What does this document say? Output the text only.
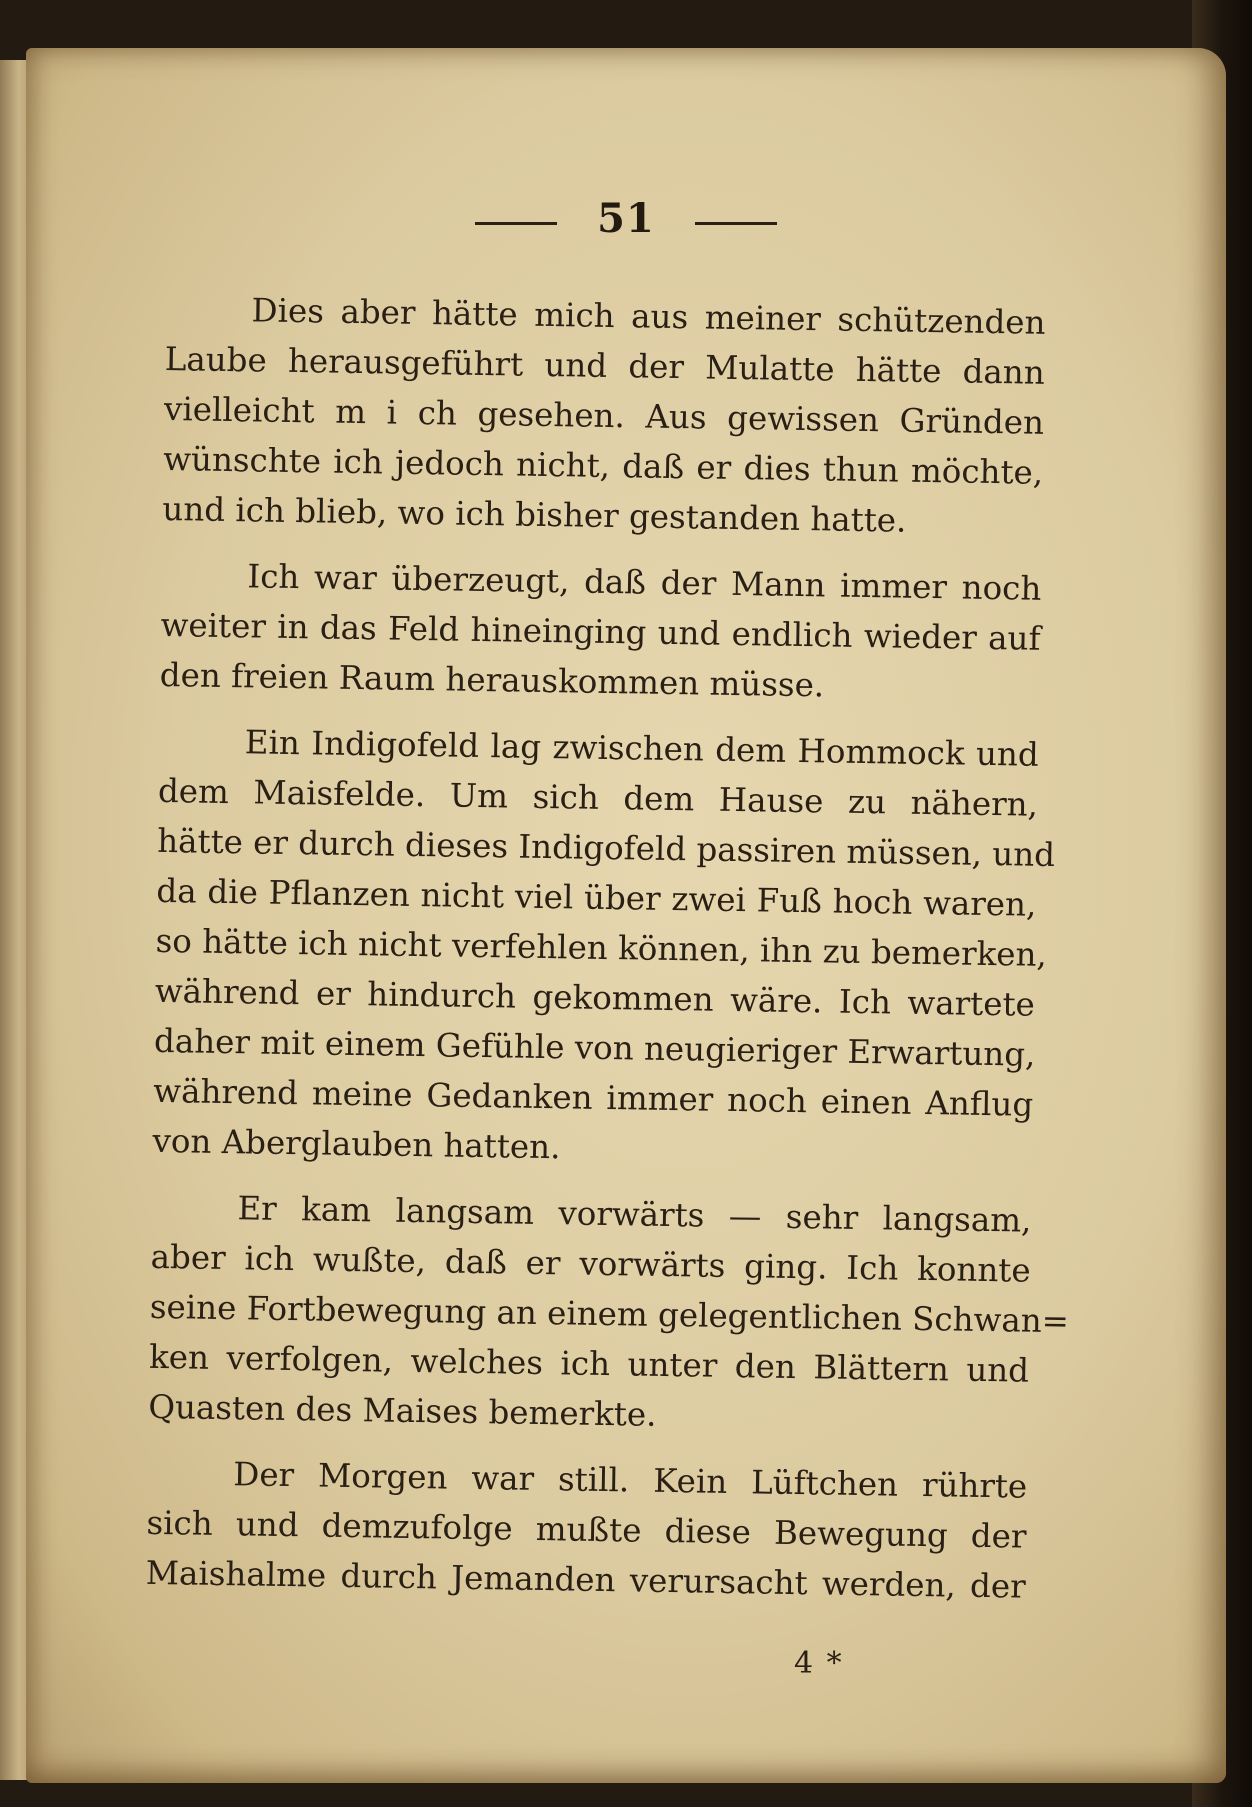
51

Dies aber hätte mich aus meiner schützenden
Laube herausgeführt und der Mulatte hätte dann
vielleicht m i ch gesehen. Aus gewissen Gründen
wünschte ich jedoch nicht, daß er dies thun möchte,
und ich blieb, wo ich bisher gestanden hatte.

Ich war überzeugt, daß der Mann immer noch
weiter in das Feld hineinging und endlich wieder auf
den freien Raum herauskommen müsse.

Ein Indigofeld lag zwischen dem Hommock und
dem Maisfelde. Um sich dem Hause zu nähern,
hätte er durch dieses Indigofeld passiren müssen, und
da die Pflanzen nicht viel über zwei Fuß hoch waren,
so hätte ich nicht verfehlen können, ihn zu bemerken,
während er hindurch gekommen wäre. Ich wartete
daher mit einem Gefühle von neugieriger Erwartung,
während meine Gedanken immer noch einen Anflug
von Aberglauben hatten.

Er kam langsam vorwärts — sehr langsam,
aber ich wußte, daß er vorwärts ging. Ich konnte
seine Fortbewegung an einem gelegentlichen Schwan=
ken verfolgen, welches ich unter den Blättern und
Quasten des Maises bemerkte.

Der Morgen war still. Kein Lüftchen rührte
sich und demzufolge mußte diese Bewegung der
Maishalme durch Jemanden verursacht werden, der

4 *
